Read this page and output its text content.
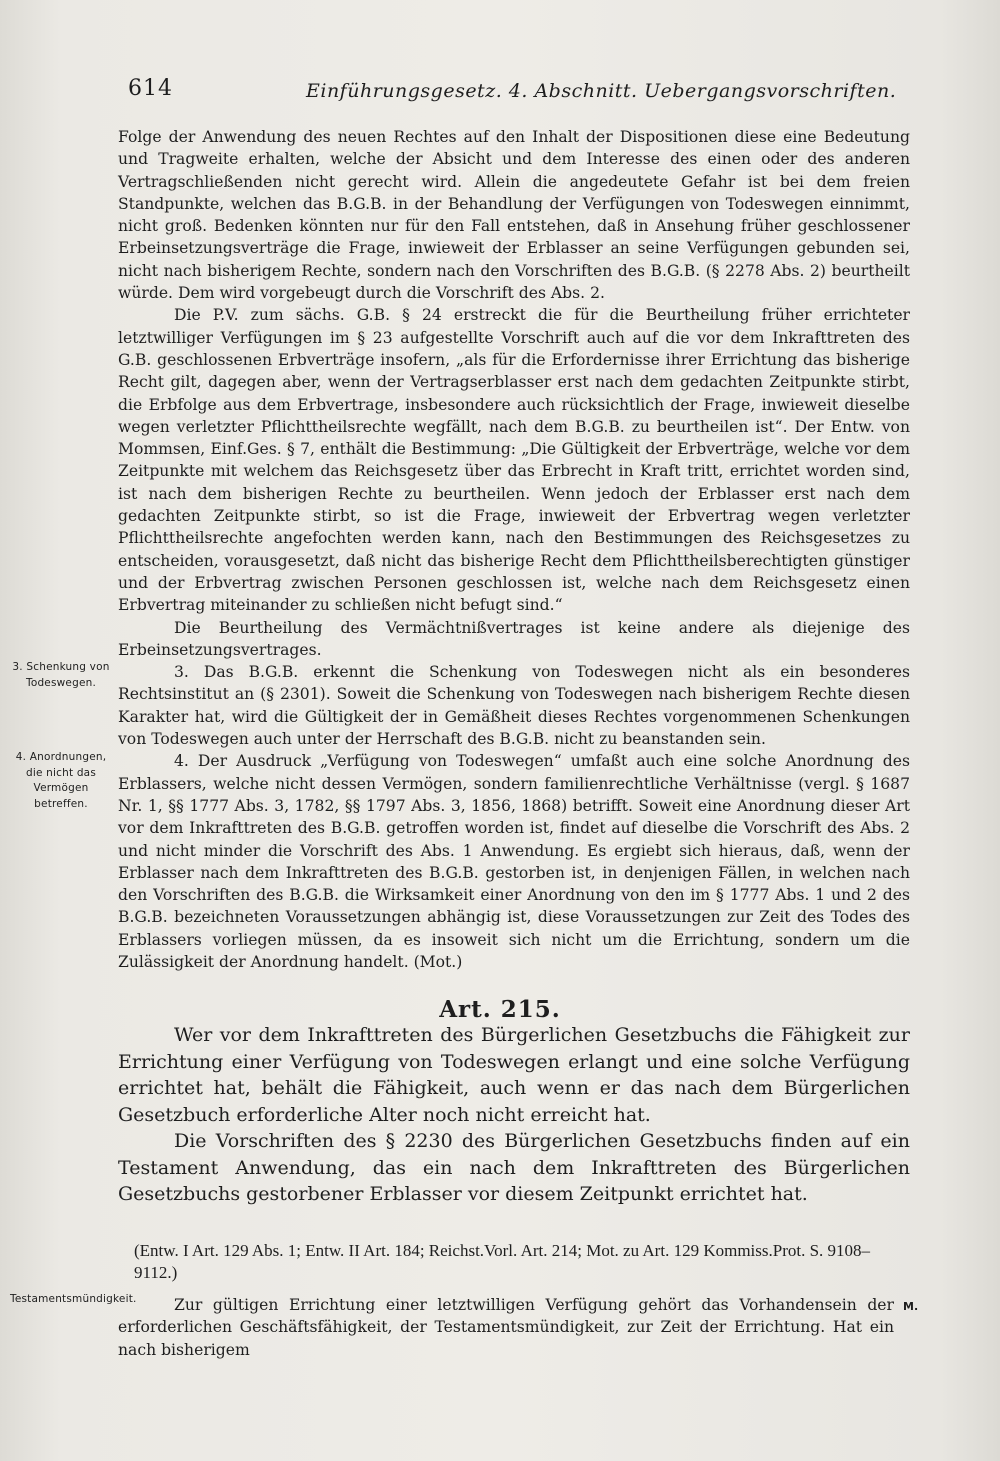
614	Einführungsgesetz. 4. Abschnitt. Uebergangsvorschriften.

Folge der Anwendung des neuen Rechtes auf den Inhalt der Dispositionen diese eine Bedeutung und Tragweite erhalten, welche der Absicht und dem Interesse des einen oder des anderen Vertragschließenden nicht gerecht wird. Allein die angedeutete Gefahr ist bei dem freien Standpunkte, welchen das B.G.B. in der Behandlung der Verfügungen von Todeswegen einnimmt, nicht groß. Bedenken könnten nur für den Fall entstehen, daß in Ansehung früher geschlossener Erbeinsetzungsverträge die Frage, inwieweit der Erblasser an seine Verfügungen gebunden sei, nicht nach bisherigem Rechte, sondern nach den Vorschriften des B.G.B. (§ 2278 Abs. 2) beurtheilt würde. Dem wird vorgebeugt durch die Vorschrift des Abs. 2.

Die P.V. zum sächs. G.B. § 24 erstreckt die für die Beurtheilung früher errichteter letztwilliger Verfügungen im § 23 aufgestellte Vorschrift auch auf die vor dem Inkrafttreten des G.B. geschlossenen Erbverträge insofern, „als für die Erfordernisse ihrer Errichtung das bisherige Recht gilt, dagegen aber, wenn der Vertragserblasser erst nach dem gedachten Zeitpunkte stirbt, die Erbfolge aus dem Erbvertrage, insbesondere auch rücksichtlich der Frage, inwieweit dieselbe wegen verletzter Pflichttheilsrechte wegfällt, nach dem B.G.B. zu beurtheilen ist“. Der Entw. von Mommsen, Einf.Ges. § 7, enthält die Bestimmung: „Die Gültigkeit der Erbverträge, welche vor dem Zeitpunkte mit welchem das Reichsgesetz über das Erbrecht in Kraft tritt, errichtet worden sind, ist nach dem bisherigen Rechte zu beurtheilen. Wenn jedoch der Erblasser erst nach dem gedachten Zeitpunkte stirbt, so ist die Frage, inwieweit der Erbvertrag wegen verletzter Pflichttheilsrechte angefochten werden kann, nach den Bestimmungen des Reichsgesetzes zu entscheiden, vorausgesetzt, daß nicht das bisherige Recht dem Pflichttheilsberechtigten günstiger und der Erbvertrag zwischen Personen geschlossen ist, welche nach dem Reichsgesetz einen Erbvertrag miteinander zu schließen nicht befugt sind.“

Die Beurtheilung des Vermächtnißvertrages ist keine andere als diejenige des Erbeinsetzungsvertrages.

3. Das B.G.B. erkennt die Schenkung von Todeswegen nicht als ein besonderes Rechtsinstitut an (§ 2301). Soweit die Schenkung von Todeswegen nach bisherigem Rechte diesen Karakter hat, wird die Gültigkeit der in Gemäßheit dieses Rechtes vorgenommenen Schenkungen von Todeswegen auch unter der Herrschaft des B.G.B. nicht zu beanstanden sein.

4. Der Ausdruck „Verfügung von Todeswegen“ umfaßt auch eine solche Anordnung des Erblassers, welche nicht dessen Vermögen, sondern familienrechtliche Verhältnisse (vergl. § 1687 Nr. 1, §§ 1777 Abs. 3, 1782, §§ 1797 Abs. 3, 1856, 1868) betrifft. Soweit eine Anordnung dieser Art vor dem Inkrafttreten des B.G.B. getroffen worden ist, findet auf dieselbe die Vorschrift des Abs. 2 und nicht minder die Vorschrift des Abs. 1 Anwendung. Es ergiebt sich hieraus, daß, wenn der Erblasser nach dem Inkrafttreten des B.G.B. gestorben ist, in denjenigen Fällen, in welchen nach den Vorschriften des B.G.B. die Wirksamkeit einer Anordnung von den im § 1777 Abs. 1 und 2 des B.G.B. bezeichneten Voraussetzungen abhängig ist, diese Voraussetzungen zur Zeit des Todes des Erblassers vorliegen müssen, da es insoweit sich nicht um die Errichtung, sondern um die Zulässigkeit der Anordnung handelt. (Mot.)

3. Schenkung von Todeswegen.
4. Anordnungen, die nicht das Vermögen betreffen.
Art. 215.

Wer vor dem Inkrafttreten des Bürgerlichen Gesetzbuchs die Fähigkeit zur Errichtung einer Verfügung von Todeswegen erlangt und eine solche Verfügung errichtet hat, behält die Fähigkeit, auch wenn er das nach dem Bürgerlichen Gesetzbuch erforderliche Alter noch nicht erreicht hat.

Die Vorschriften des § 2230 des Bürgerlichen Gesetzbuchs finden auf ein Testament Anwendung, das ein nach dem Inkrafttreten des Bürgerlichen Gesetzbuchs gestorbener Erblasser vor diesem Zeitpunkt errichtet hat.

(Entw. I Art. 129 Abs. 1; Entw. II Art. 184; Reichst.Vorl. Art. 214; Mot. zu Art. 129 Kommiss.Prot. S. 9108–9112.)
Testamentsmündigkeit.	Zur gültigen Errichtung einer letztwilligen Verfügung gehört das Vorhandensein der erforderlichen Geschäftsfähigkeit, der Testamentsmündigkeit, zur Zeit der Errichtung. Hat ein nach bisherigem

M.
